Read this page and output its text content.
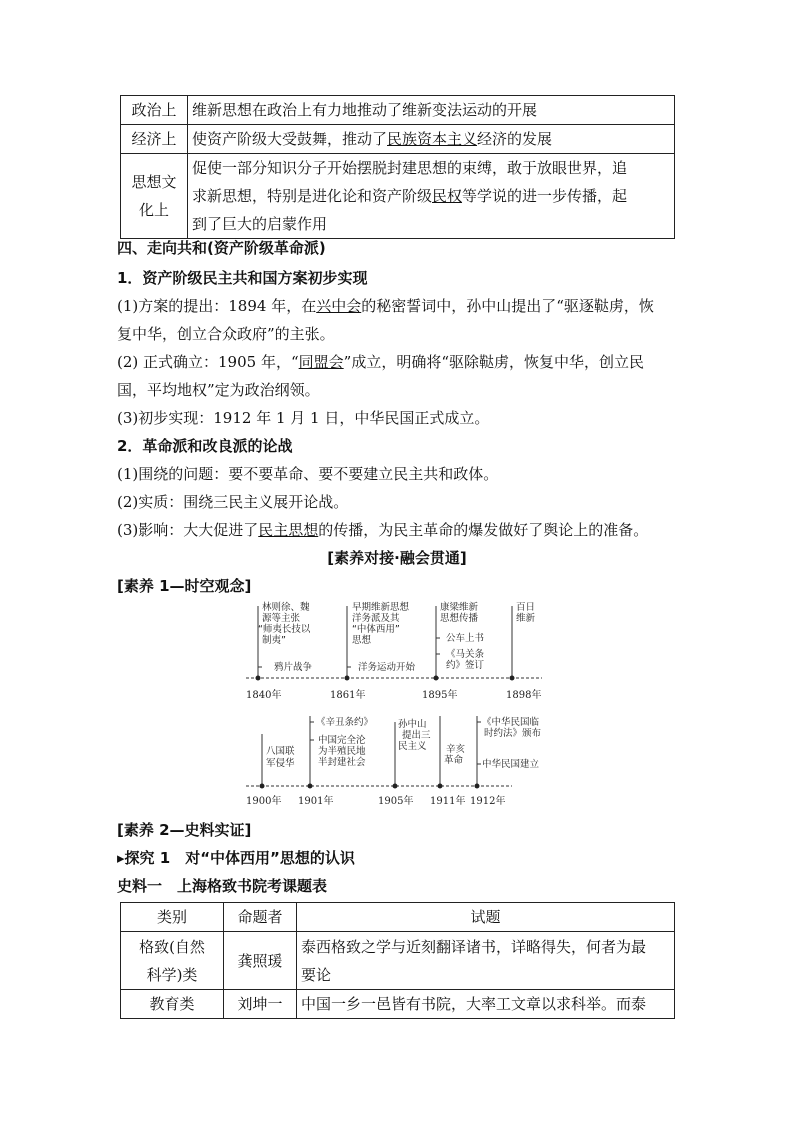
政治上	维新思想在政治上有力地推动了维新变法运动的开展
经济上	使资产阶级大受鼓舞，推动了民族资本主义经济的发展
思想文
化上	促使一部分知识分子开始摆脱封建思想的束缚，敢于放眼世界，追
求新思想，特别是进化论和资产阶级民权等学说的进一步传播，起
到了巨大的启蒙作用
四、走向共和(资产阶级革命派)
1．资产阶级民主共和国方案初步实现
(1)方案的提出：1894 年，在兴中会的秘密誓词中，孙中山提出了“驱逐鞑虏，恢
复中华，创立合众政府”的主张。
(2) 正式确立：1905 年，“同盟会”成立，明确将“驱除鞑虏，恢复中华，创立民
国，平均地权”定为政治纲领。
(3)初步实现：1912 年 1 月 1 日，中华民国正式成立。
2．革命派和改良派的论战
(1)围绕的问题：要不要革命、要不要建立民主共和政体。
(2)实质：围绕三民主义展开论战。
(3)影响：大大促进了民主思想的传播，为民主革命的爆发做好了舆论上的准备。
[素养对接·融会贯通]
[素养 1—时空观念]
1840年	1861年	1895年	1898年
林则徐、魏
源等主张
“师夷长技以
制夷”
鸦片战争
早期维新思想
洋务派及其
“中体西用”
思想
洋务运动开始
康梁维新
思想传播
公车上书
《马关条
约》签订
百日
维新
1900年 1901年	1905年 1911年 1912年
八国联
军侵华
《辛丑条约》
中国完全沦
为半殖民地
半封建社会
孙中山
提出三
民主义 辛亥
革命
《中华民国临
时约法》颁布
中华民国建立
[素养 2—史料实证]
▸探究 1　对“中体西用”思想的认识
史料一　上海格致书院考课题表
类别	命题者	试题
格致(自然
科学)类	龚照瑗	泰西格致之学与近刻翻译诸书，详略得失，何者为最
要论
教育类	刘坤一	中国一乡一邑皆有书院，大率工文章以求科举。而泰
